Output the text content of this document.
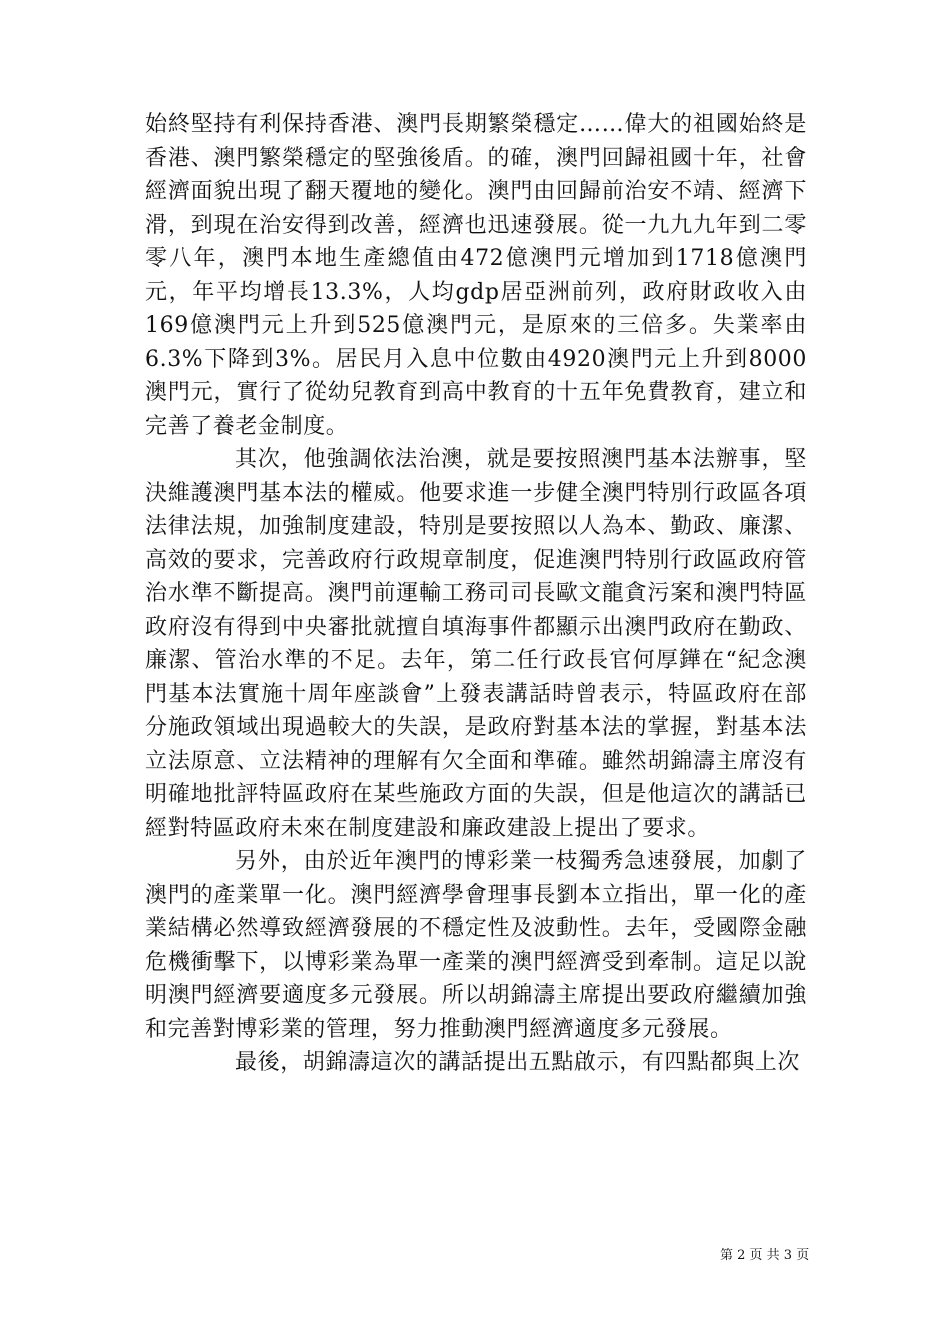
始終堅持有利保持香港、澳門長期繁榮穩定……偉大的祖國始終是香港、澳門繁榮穩定的堅強後盾。的確，澳門回歸祖國十年，社會經濟面貌出現了翻天覆地的變化。澳門由回歸前治安不靖、經濟下滑，到現在治安得到改善，經濟也迅速發展。從一九九九年到二零零八年，澳門本地生產總值由472億澳門元增加到1718億澳門元，年平均增長13.3%，人均gdp居亞洲前列，政府財政收入由169億澳門元上升到525億澳門元，是原來的三倍多。失業率由6.3%下降到3%。居民月入息中位數由4920澳門元上升到8000澳門元，實行了從幼兒教育到高中教育的十五年免費教育，建立和完善了養老金制度。

其次，他強調依法治澳，就是要按照澳門基本法辦事，堅決維護澳門基本法的權威。他要求進一步健全澳門特別行政區各項法律法規，加強制度建設，特別是要按照以人為本、勤政、廉潔、高效的要求，完善政府行政規章制度，促進澳門特別行政區政府管治水準不斷提高。澳門前運輸工務司司長歐文龍貪污案和澳門特區政府沒有得到中央審批就擅自填海事件都顯示出澳門政府在勤政、廉潔、管治水準的不足。去年，第二任行政長官何厚鏵在“紀念澳門基本法實施十周年座談會”上發表講話時曾表示，特區政府在部分施政領域出現過較大的失誤，是政府對基本法的掌握，對基本法立法原意、立法精神的理解有欠全面和準確。雖然胡錦濤主席沒有明確地批評特區政府在某些施政方面的失誤，但是他這次的講話已經對特區政府未來在制度建設和廉政建設上提出了要求。

另外，由於近年澳門的博彩業一枝獨秀急速發展，加劇了澳門的產業單一化。澳門經濟學會理事長劉本立指出，單一化的產業結構必然導致經濟發展的不穩定性及波動性。去年，受國際金融危機衝擊下，以博彩業為單一產業的澳門經濟受到牽制。這足以說明澳門經濟要適度多元發展。所以胡錦濤主席提出要政府繼續加強和完善對博彩業的管理，努力推動澳門經濟適度多元發展。

最後，胡錦濤這次的講話提出五點啟示，有四點都與上次

第 2 页 共 3 页
